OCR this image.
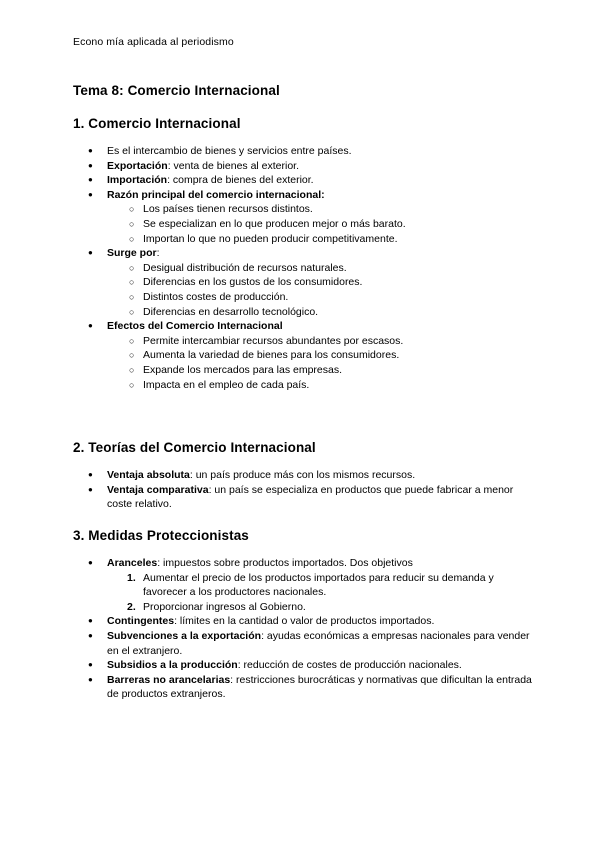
Econo mía aplicada al periodismo
Tema 8: Comercio Internacional
1. Comercio Internacional
● Es el intercambio de bienes y servicios entre países.
● Exportación: venta de bienes al exterior.
● Importación: compra de bienes del exterior.
● Razón principal del comercio internacional:
○ Los países tienen recursos distintos.
○ Se especializan en lo que producen mejor o más barato.
○ Importan lo que no pueden producir competitivamente.
● Surge por:
○ Desigual distribución de recursos naturales.
○ Diferencias en los gustos de los consumidores.
○ Distintos costes de producción.
○ Diferencias en desarrollo tecnológico.
● Efectos del Comercio Internacional
○ Permite intercambiar recursos abundantes por escasos.
○ Aumenta la variedad de bienes para los consumidores.
○ Expande los mercados para las empresas.
○ Impacta en el empleo de cada país.
2. Teorías del Comercio Internacional
● Ventaja absoluta: un país produce más con los mismos recursos.
● Ventaja comparativa: un país se especializa en productos que puede fabricar a menor coste relativo.
3. Medidas Proteccionistas
● Aranceles: impuestos sobre productos importados. Dos objetivos
1. Aumentar el precio de los productos importados para reducir su demanda y favorecer a los productores nacionales.
2. Proporcionar ingresos al Gobierno.
● Contingentes: límites en la cantidad o valor de productos importados.
● Subvenciones a la exportación: ayudas económicas a empresas nacionales para vender en el extranjero.
● Subsidios a la producción: reducción de costes de producción nacionales.
● Barreras no arancelarias: restricciones burocráticas y normativas que dificultan la entrada de productos extranjeros.
